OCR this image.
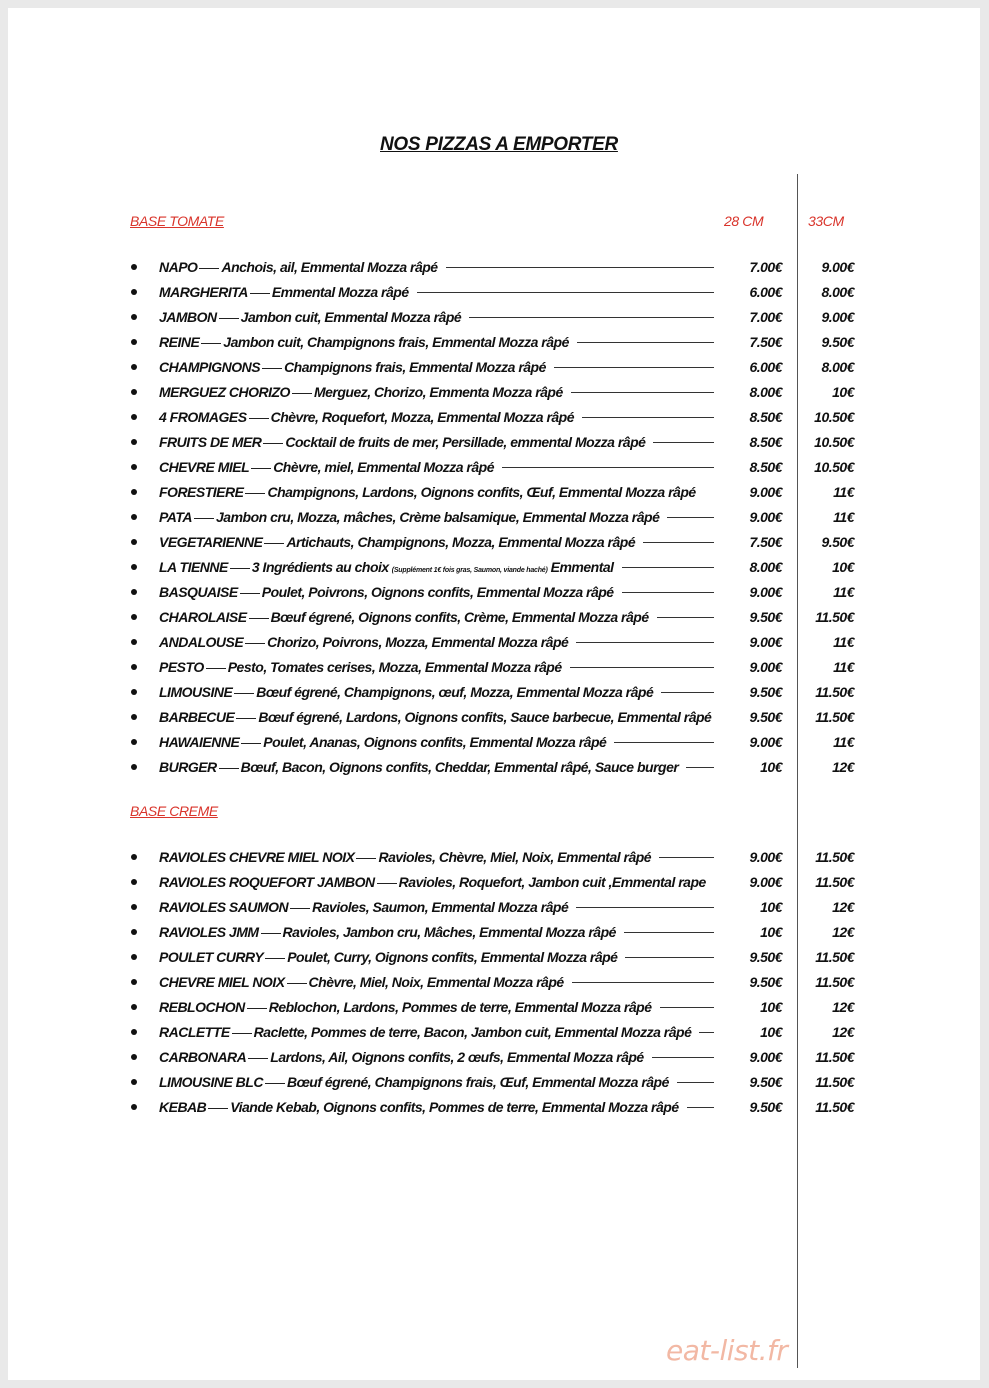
NOS PIZZAS A EMPORTER
BASE TOMATE	28 CM	33CM
NAPO Anchois, ail, Emmental Mozza râpé	7.00€	9.00€
MARGHERITA Emmental Mozza râpé	6.00€	8.00€
JAMBON Jambon cuit, Emmental Mozza râpé	7.00€	9.00€
REINE Jambon cuit, Champignons frais, Emmental Mozza râpé	7.50€	9.50€
CHAMPIGNONS Champignons frais, Emmental Mozza râpé	6.00€	8.00€
MERGUEZ CHORIZO Merguez, Chorizo, Emmenta Mozza râpé	8.00€	10€
4 FROMAGES Chèvre, Roquefort, Mozza, Emmental Mozza râpé	8.50€ 10.50€
FRUITS DE MER Cocktail de fruits de mer, Persillade, emmental Mozza râpé	8.50€ 10.50€
CHEVRE MIEL Chèvre, miel, Emmental Mozza râpé	8.50€ 10.50€
FORESTIERE Champignons, Lardons, Oignons confits, Œuf, Emmental Mozza râpé	9.00€	11€
PATA Jambon cru, Mozza, mâches, Crème balsamique, Emmental Mozza râpé	9.00€	11€
VEGETARIENNE Artichauts, Champignons, Mozza, Emmental Mozza râpé	7.50€	9.50€
LA TIENNE 3 Ingrédients au choix (Supplément 1€ fois gras, Saumon, viande haché) Emmental	8.00€	10€
BASQUAISE Poulet, Poivrons, Oignons confits, Emmental Mozza râpé	9.00€	11€
CHAROLAISE Bœuf égrené, Oignons confits, Crème, Emmental Mozza râpé	9.50€ 11.50€
ANDALOUSE Chorizo, Poivrons, Mozza, Emmental Mozza râpé	9.00€	11€
PESTO Pesto, Tomates cerises, Mozza, Emmental Mozza râpé	9.00€	11€
LIMOUSINE Bœuf égrené, Champignons, œuf, Mozza, Emmental Mozza râpé	9.50€ 11.50€
BARBECUE Bœuf égrené, Lardons, Oignons confits, Sauce barbecue, Emmental râpé	9.50€ 11.50€
HAWAIENNE Poulet, Ananas, Oignons confits, Emmental Mozza râpé	9.00€	11€
BURGER Bœuf, Bacon, Oignons confits, Cheddar, Emmental râpé, Sauce burger	10€	12€
BASE CREME
RAVIOLES CHEVRE MIEL NOIX Ravioles, Chèvre, Miel, Noix, Emmental râpé	9.00€ 11.50€
RAVIOLES ROQUEFORT JAMBON Ravioles, Roquefort, Jambon cuit ,Emmental rape	9.00€ 11.50€
RAVIOLES SAUMON Ravioles, Saumon, Emmental Mozza râpé	10€	12€
RAVIOLES JMM Ravioles, Jambon cru, Mâches, Emmental Mozza râpé	10€	12€
POULET CURRY Poulet, Curry, Oignons confits, Emmental Mozza râpé	9.50€ 11.50€
CHEVRE MIEL NOIX Chèvre, Miel, Noix, Emmental Mozza râpé	9.50€ 11.50€
REBLOCHON Reblochon, Lardons, Pommes de terre, Emmental Mozza râpé	10€	12€
RACLETTE Raclette, Pommes de terre, Bacon, Jambon cuit, Emmental Mozza râpé	10€	12€
CARBONARA Lardons, Ail, Oignons confits, 2 œufs, Emmental Mozza râpé	9.00€ 11.50€
LIMOUSINE BLC Bœuf égrené, Champignons frais, Œuf, Emmental Mozza râpé	9.50€ 11.50€
KEBAB Viande Kebab, Oignons confits, Pommes de terre, Emmental Mozza râpé	9.50€ 11.50€
eat-list.fr
